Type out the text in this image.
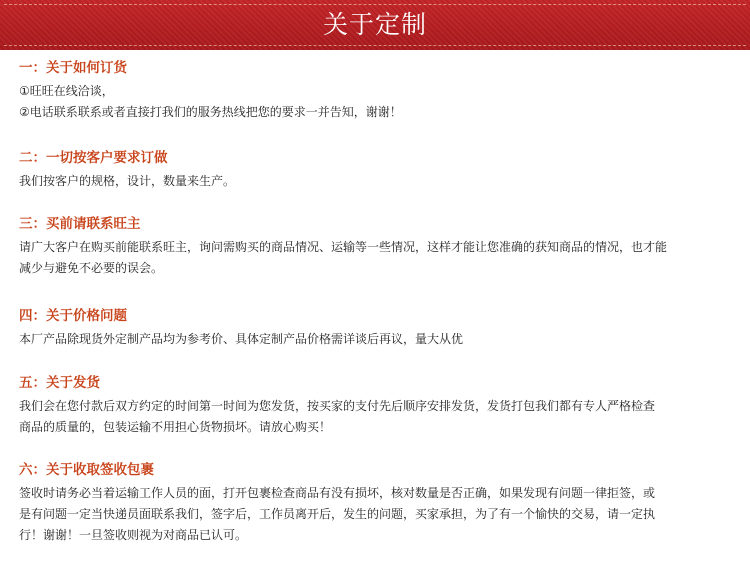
关于定制
一：关于如何订货

①旺旺在线洽谈，

②电话联系联系或者直接打我们的服务热线把您的要求一并告知，谢谢！

二：一切按客户要求订做

我们按客户的规格，设计，数量来生产。

三：买前请联系旺主

请广大客户在购买前能联系旺主，询问需购买的商品情况、运输等一些情况，这样才能让您准确的获知商品的情况，也才能

减少与避免不必要的误会。

四：关于价格问题

本厂产品除现货外定制产品均为参考价、具体定制产品价格需详谈后再议，量大从优

五：关于发货

我们会在您付款后双方约定的时间第一时间为您发货，按买家的支付先后顺序安排发货，发货打包我们都有专人严格检查

商品的质量的，包装运输不用担心货物损坏。请放心购买！

六：关于收取签收包裹

签收时请务必当着运输工作人员的面，打开包裹检查商品有没有损坏，核对数量是否正确，如果发现有问题一律拒签，或

是有问题一定当快递员面联系我们，签字后，工作员离开后，发生的问题，买家承担，为了有一个愉快的交易，请一定执

行！谢谢！一旦签收则视为对商品已认可。
